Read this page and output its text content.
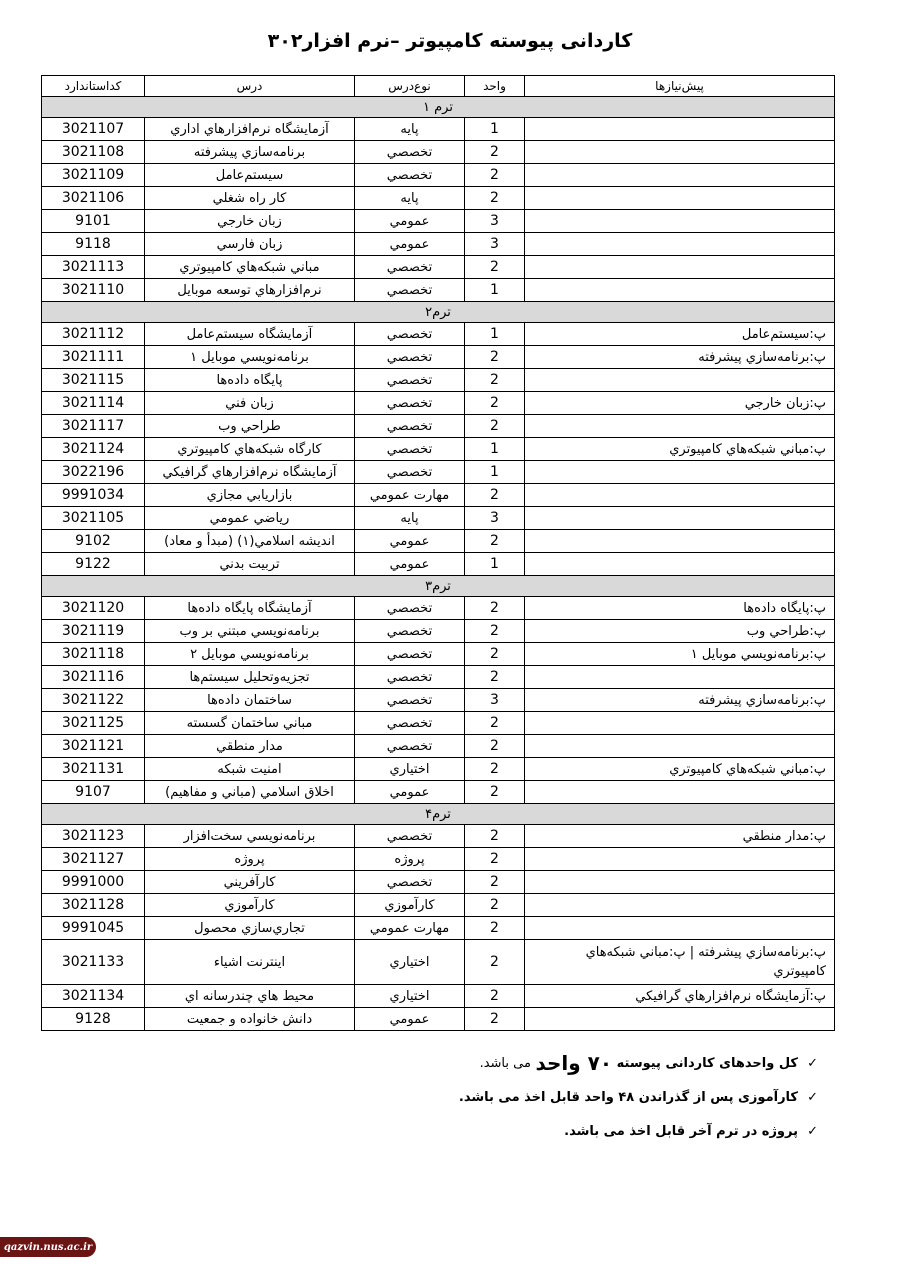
کاردانی پیوسته کامپیوتر –نرم افزار۳۰۲
پیش‌نیازها	واحد	نوع‌درس	درس	کداستاندارد
ترم ۱				
	1	پايه	آزمايشگاه نرم‌افزارهاي اداري	3021107
	2	تخصصي	برنامه‌سازي پيشرفته	3021108
	2	تخصصي	سيستم‌عامل	3021109
	2	پايه	كار راه شغلي	3021106
	3	عمومي	زبان خارجي	9101
	3	عمومي	زبان فارسي	9118
	2	تخصصي	مباني شبكه‌هاي كامپيوتري	3021113
	1	تخصصي	نرم‌افزارهاي توسعه موبايل	3021110
ترم۲				
پ:سيستم‌عامل	1	تخصصي	آزمايشگاه سيستم‌عامل	3021112
پ:برنامه‌سازي پيشرفته	2	تخصصي	برنامه‌نويسي موبايل ۱	3021111
	2	تخصصي	پايگاه داده‌ها	3021115
پ:زبان خارجي	2	تخصصي	زبان فني	3021114
	2	تخصصي	طراحي وب	3021117
پ:مباني شبكه‌هاي كامپيوتري	1	تخصصي	كارگاه شبكه‌هاي كامپيوتري	3021124
	1	تخصصي	آزمايشگاه نرم‌افزارهاي گرافيكي	3022196
	2	مهارت عمومي	بازاريابي مجازي	9991034
	3	پايه	رياضي عمومي	3021105
	2	عمومي	انديشه اسلامي(۱) (مبدأ و معاد)	9102
	1	عمومي	تربيت بدني	9122
ترم۳				
پ:پايگاه داده‌ها	2	تخصصي	آزمايشگاه پايگاه داده‌ها	3021120
پ:طراحي وب	2	تخصصي	برنامه‌نويسي مبتني بر وب	3021119
پ:برنامه‌نويسي موبايل ۱	2	تخصصي	برنامه‌نويسي موبايل ۲	3021118
	2	تخصصي	تجزيه‌وتحليل سيستم‌ها	3021116
پ:برنامه‌سازي پيشرفته	3	تخصصي	ساختمان داده‌ها	3021122
	2	تخصصي	مباني ساختمان گسسته	3021125
	2	تخصصي	مدار منطقي	3021121
پ:مباني شبكه‌هاي كامپيوتري	2	اختياري	امنيت شبكه	3021131
	2	عمومي	اخلاق اسلامي (مباني و مفاهيم)	9107
ترم۴				
پ:مدار منطقي	2	تخصصي	برنامه‌نويسي سخت‌افزار	3021123
	2	پروژه	پروژه	3021127
	2	تخصصي	كارآفريني	9991000
	2	كارآموزي	كارآموزي	3021128
	2	مهارت عمومي	تجاري‌سازي محصول	9991045
پ:برنامه‌سازي پيشرفته | پ:مباني شبكه‌هاي كامپيوتري	2	اختياري	اينترنت اشياء	3021133
پ:آزمايشگاه نرم‌افزارهاي گرافيكي	2	اختياري	محيط هاي چندرسانه اي	3021134
	2	عمومي	دانش خانواده و جمعيت	9128
✓
كل واحدهای کاردانی پیوسته

۷۰ واحد

می باشد.
✓
کارآموزی پس از گذراندن ۴۸ واحد قابل اخذ می باشد.
✓
پروژه در ترم آخر قابل اخذ می باشد.
qazvin.nus.ac.ir
